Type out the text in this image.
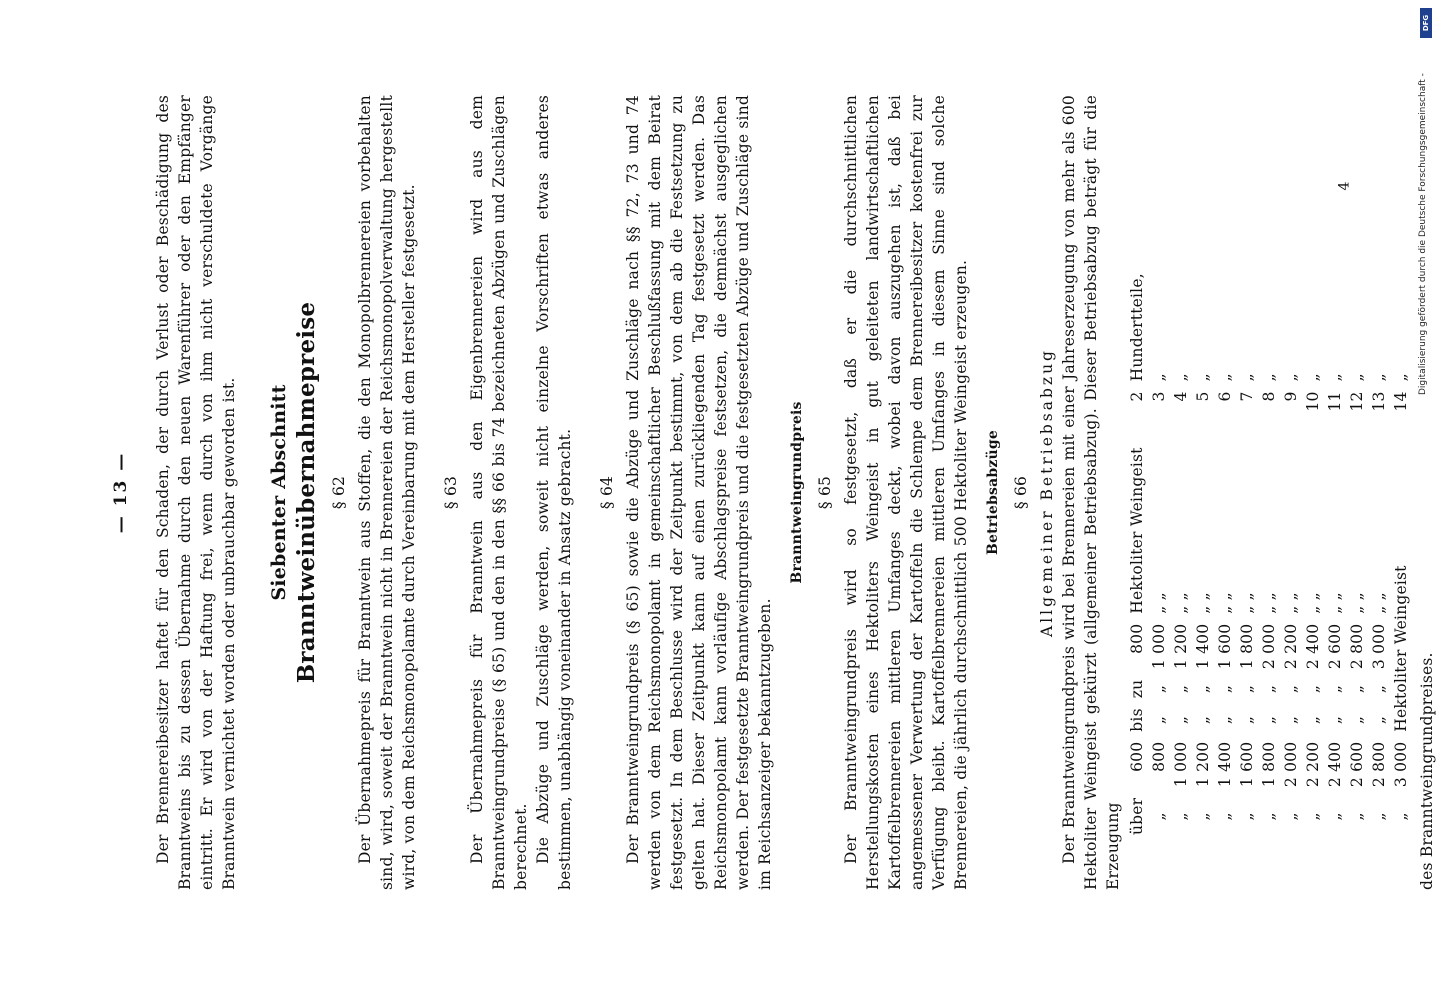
— 13 — Der Brennereibesitzer haftet für den Schaden, der durch Verlust oder Beschädigung des Branntweins bis zu dessen Übernahme durch den neuen Warenführer oder den Empfänger eintritt. Er wird von der Haftung frei, wenn durch von ihm nicht verschuldete Vorgänge Branntwein vernichtet worden oder unbrauchbar geworden ist. Siebenter Abschnitt Branntweinübernahmepreise § 62 Der Übernahmepreis für Branntwein aus Stoffen, die den Monopolbrennereien vorbehalten sind, wird, soweit der Branntwein nicht in Brennereien der Reichsmonopolverwaltung hergestellt wird, von dem Reichsmonopolamte durch Vereinbarung mit dem Hersteller festgesetzt. § 63 Der Übernahmepreis für Branntwein aus den Eigenbrennereien wird aus dem Branntweingrundpreise (§ 65) und den in den §§ 66 bis 74 bezeichneten Abzügen und Zuschlägen berechnet. Die Abzüge und Zuschläge werden, soweit nicht einzelne Vorschriften etwas anderes bestimmen, unabhängig voneinander in Ansatz gebracht. § 64 Der Branntweingrundpreis (§ 65) sowie die Abzüge und Zuschläge nach §§ 72, 73 und 74 werden von dem Reichsmonopolamt in gemeinschaftlicher Beschlußfassung mit dem Beirat festgesetzt. In dem Beschlusse wird der Zeitpunkt bestimmt, von dem ab die Festsetzung zu gelten hat. Dieser Zeitpunkt kann auf einen zurückliegenden Tag festgesetzt werden. Das Reichsmonopolamt kann vorläufige Abschlagspreise festsetzen, die demnächst ausgeglichen werden. Der festgesetzte Branntweingrundpreis und die festgesetzten Abzüge und Zuschläge sind im Reichsanzeiger bekanntzugeben.

Branntweingrundpreis § 65 Der Branntweingrundpreis wird so festgesetzt, daß er die durchschnittlichen Herstellungskosten eines Hektoliters Weingeist in gut geleiteten landwirtschaftlichen Kartoffelbrennereien mittleren Umfanges deckt, wobei davon auszugehen ist, daß bei angemessener Verwertung der Kartoffeln die Schlempe dem Brennereibesitzer kostenfrei zur Verfügung bleibt. Kartoffelbrennereien mittleren Umfanges in diesem Sinne sind solche Brennereien, die jährlich durchschnittlich 500 Hektoliter Weingeist erzeugen. Betriebsabzüge § 66 Allgemeiner Betriebsabzug Der Branntweingrundpreis wird bei Brennereien mit einer Jahreserzeugung von mehr als 600 Hektoliter Weingeist gekürzt (allgemeiner Betriebsabzug). Dieser Betriebsabzug beträgt für die Erzeugung über	600	bis	zu	800	Hektoliter Weingeist	2	Hundertteile,
„	800	„	„	1 000	„ „	3	„
„	1 000	„	„	1 200	„ „	4	„
„	1 200	„	„	1 400	„ „	5	„
„	1 400	„	„	1 600	„ „	6	„
„	1 600	„	„	1 800	„ „	7	„
„	1 800	„	„	2 000	„ „	8	„
„	2 000	„	„	2 200	„ „	9	„
„	2 200	„	„	2 400	„ „	10	„
„	2 400	„	„	2 600	„ „	11	„
„	2 600	„	„	2 800	„ „	12	„
„	2 800	„	„	3 000	„ „	13	„
„	3 000	Hektoliter Weingeist				14	„

des Branntweingrundpreises.

4
DFG
Digitalisierung gefördert durch die Deutsche Forschungsgemeinschaft -
